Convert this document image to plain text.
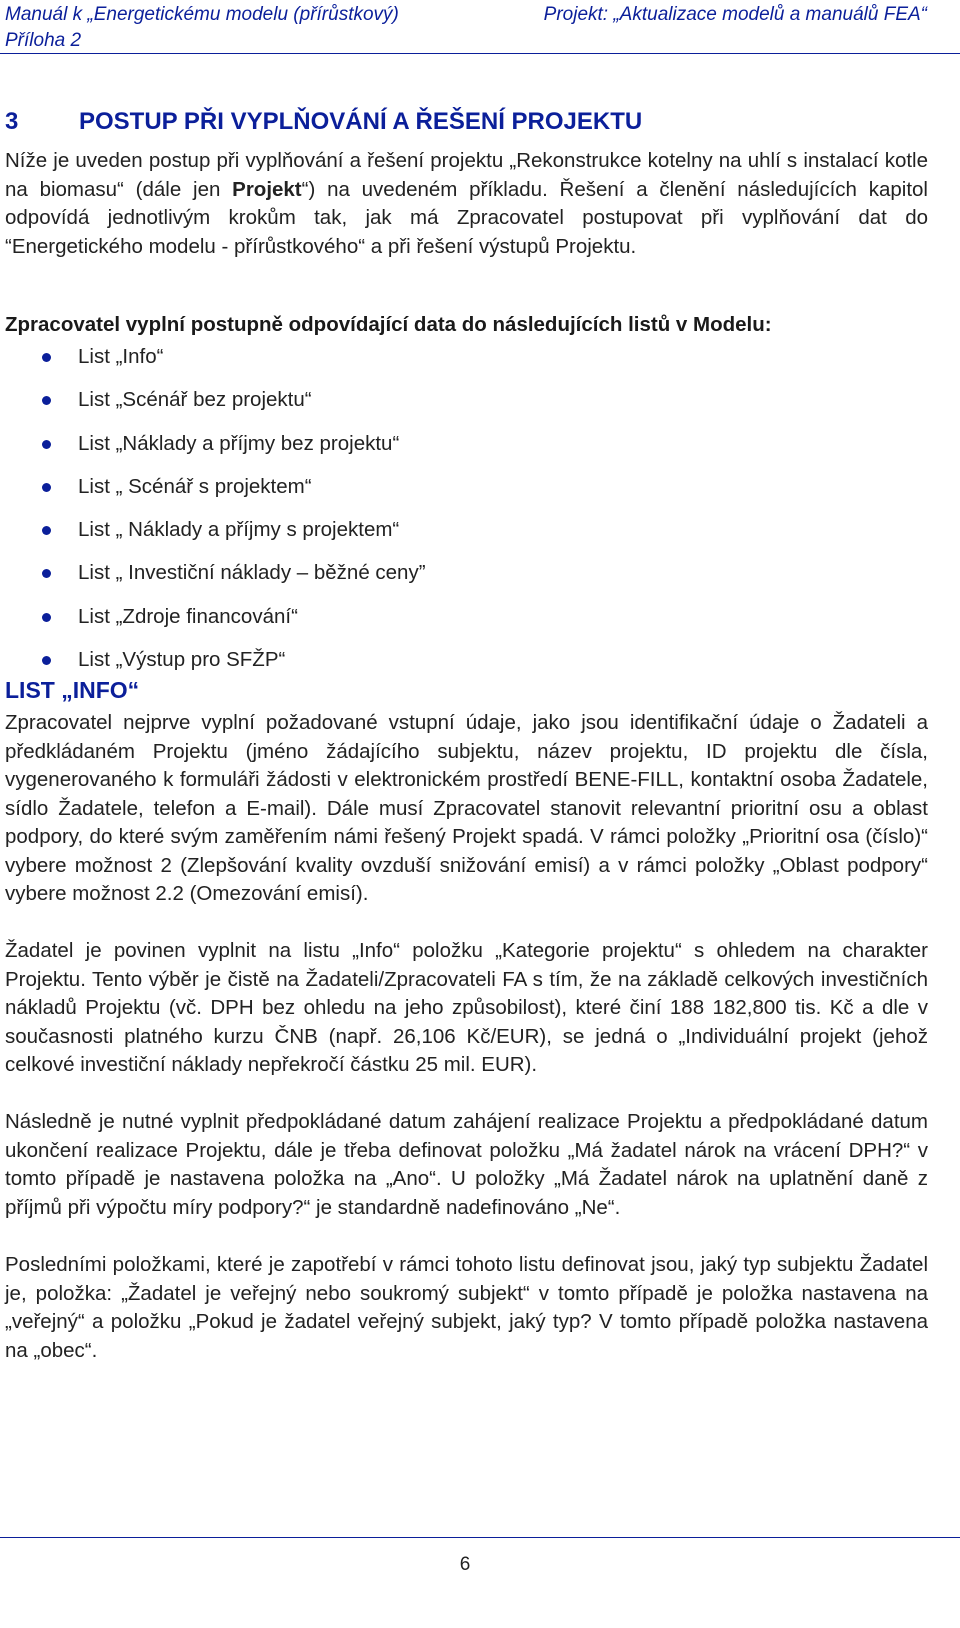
Manuál k „Energetickému modelu (přírůstkový)
Příloha 2
Projekt: „Aktualizace modelů a manuálů FEA“
3	POSTUP PŘI VYPLŇOVÁNÍ A ŘEŠENÍ PROJEKTU

Níže je uveden postup při vyplňování a řešení projektu „Rekonstrukce kotelny na uhlí s instalací kotle na biomasu“ (dále jen Projekt“) na uvedeném příkladu. Řešení a členění následujících kapitol odpovídá jednotlivým krokům tak, jak má Zpracovatel postupovat při vyplňování dat do “Energetického modelu - přírůstkového“ a při řešení výstupů Projektu.

Zpracovatel vyplní postupně odpovídající data do následujících listů v Modelu:
List „Info“
List „Scénář bez projektu“
List „Náklady a příjmy bez projektu“
List „ Scénář s projektem“
List „ Náklady a příjmy s projektem“
List „ Investiční náklady – běžné ceny”
List „Zdroje financování“
List „Výstup pro SFŽP“
LIST „INFO“

Zpracovatel nejprve vyplní požadované vstupní údaje, jako jsou identifikační údaje o Žadateli a předkládaném Projektu (jméno žádajícího subjektu, název projektu, ID projektu dle čísla, vygenerovaného k formuláři žádosti v elektronickém prostředí BENE-FILL, kontaktní osoba Žadatele, sídlo Žadatele, telefon a E-mail). Dále musí Zpracovatel stanovit relevantní prioritní osu a oblast podpory, do které svým zaměřením námi řešený Projekt spadá. V rámci položky „Prioritní osa (číslo)“ vybere možnost 2 (Zlepšování kvality ovzduší snižování emisí) a v rámci položky „Oblast podpory“ vybere možnost 2.2 (Omezování emisí).

Žadatel je povinen vyplnit na listu „Info“ položku „Kategorie projektu“ s ohledem na charakter Projektu. Tento výběr je čistě na Žadateli/Zpracovateli FA s tím, že na základě celkových investičních nákladů Projektu (vč. DPH bez ohledu na jeho způsobilost), které činí 188 182,800 tis. Kč a dle v současnosti platného kurzu ČNB (např. 26,106 Kč/EUR), se jedná o „Individuální projekt (jehož celkové investiční náklady nepřekročí částku 25 mil. EUR).

Následně je nutné vyplnit předpokládané datum zahájení realizace Projektu a předpokládané datum ukončení realizace Projektu, dále je třeba definovat položku „Má žadatel nárok na vrácení DPH?“ v tomto případě je nastavena položka na „Ano“. U položky „Má Žadatel nárok na uplatnění daně z příjmů při výpočtu míry podpory?“ je standardně nadefinováno „Ne“.

Posledními položkami, které je zapotřebí v rámci tohoto listu definovat jsou, jaký typ subjektu Žadatel je, položka: „Žadatel je veřejný nebo soukromý subjekt“ v tomto případě je položka nastavena na „veřejný“ a položku „Pokud je žadatel veřejný subjekt, jaký typ? V tomto případě položka nastavena na „obec“.

6
